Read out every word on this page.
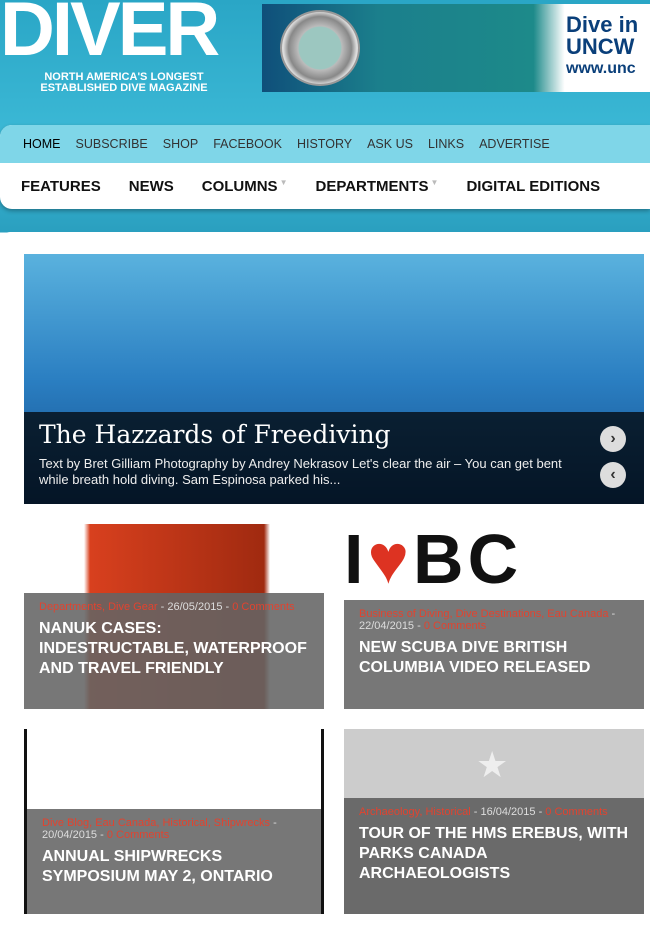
DIVER
NORTH AMERICA'S LONGEST
ESTABLISHED DIVE MAGAZINE
Dive in
UNCW
www.unc
HOME SUBSCRIBE SHOP FACEBOOK HISTORY ASK US LINKS ADVERTISE
FEATURES NEWS COLUMNS ▼ DEPARTMENTS ▼ DIGITAL EDITIONS
The Hazzards of Freediving
Text by Bret Gilliam Photography by Andrey Nekrasov Let's clear the air – You can get bent while breath hold diving. Sam Espinosa parked his...
›
‹
Departments, Dive Gear - 26/05/2015 - 0 Comments
NANUK CASES: INDESTRUCTABLE, WATERPROOF AND TRAVEL FRIENDLY
I♥BC
Business of Diving, Dive Destinations, Eau Canada - 22/04/2015 - 0 Comments
NEW SCUBA DIVE BRITISH COLUMBIA VIDEO RELEASED
Dive Blog, Eau Canada, Historical, Shipwrecks - 20/04/2015 - 0 Comments
ANNUAL SHIPWRECKS SYMPOSIUM MAY 2, ONTARIO
★
Archaeology, Historical - 16/04/2015 - 0 Comments
TOUR OF THE HMS EREBUS, WITH PARKS CANADA ARCHAEOLOGISTS
